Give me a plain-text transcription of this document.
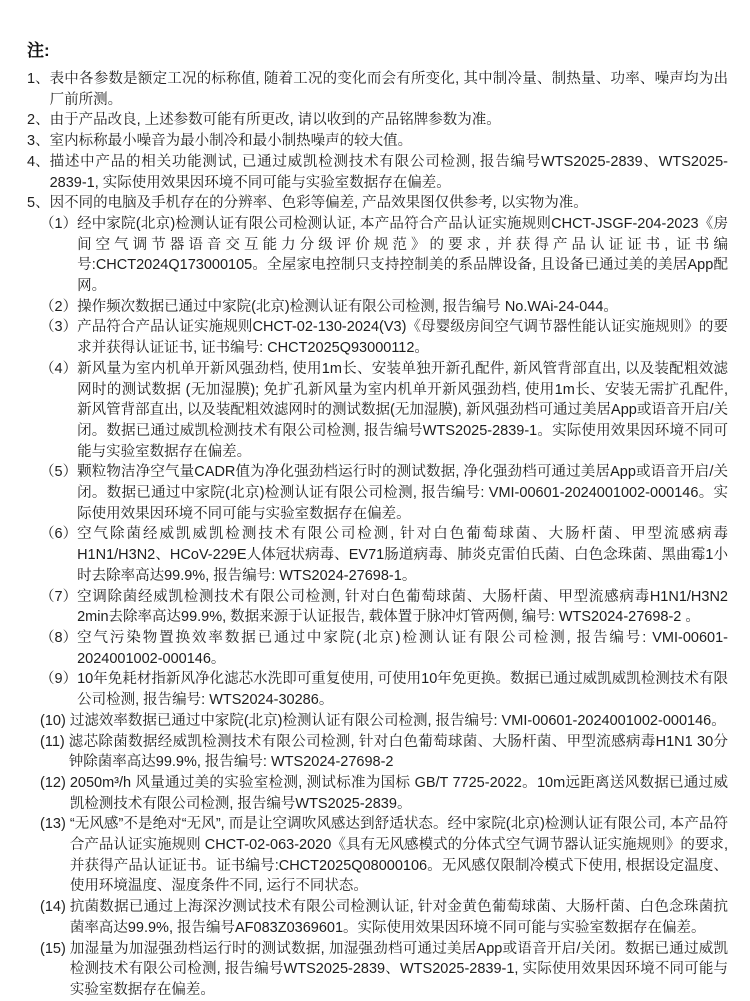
注:
1、 表中各参数是额定工况的标称值, 随着工况的变化而会有所变化, 其中制冷量、制热量、功率、噪声均为出厂前所测。
2、 由于产品改良, 上述参数可能有所更改, 请以收到的产品铭牌参数为准。
3、 室内标称最小噪音为最小制冷和最小制热噪声的较大值。
4、 描述中产品的相关功能测试, 已通过威凯检测技术有限公司检测, 报告编号WTS2025-2839、WTS2025-2839-1, 实际使用效果因环境不同可能与实验室数据存在偏差。
5、 因不同的电脑及手机存在的分辨率、色彩等偏差, 产品效果图仅供参考, 以实物为准。
（1） 经中家院(北京)检测认证有限公司检测认证, 本产品符合产品认证实施规则CHCT-JSGF-204-2023《房间空气调节器语音交互能力分级评价规范》的要求, 并获得产品认证证书, 证书编号:CHCT2024Q173000105。全屋家电控制只支持控制美的系品牌设备, 且设备已通过美的美居App配网。
（2） 操作频次数据已通过中家院(北京)检测认证有限公司检测, 报告编号 No.WAi-24-044。
（3） 产品符合产品认证实施规则CHCT-02-130-2024(V3)《母婴级房间空气调节器性能认证实施规则》的要求并获得认证证书, 证书编号: CHCT2025Q93000112。
（4） 新风量为室内机单开新风强劲档, 使用1m长、安装单独开新孔配件, 新风管背部直出, 以及装配粗效滤网时的测试数据 (无加湿膜); 免扩孔新风量为室内机单开新风强劲档, 使用1m长、安装无需扩孔配件, 新风管背部直出, 以及装配粗效滤网时的测试数据(无加湿膜), 新风强劲档可通过美居App或语音开启/关闭。数据已通过威凯检测技术有限公司检测, 报告编号WTS2025-2839-1。实际使用效果因环境不同可能与实验室数据存在偏差。
（5） 颗粒物洁净空气量CADR值为净化强劲档运行时的测试数据, 净化强劲档可通过美居App或语音开启/关闭。数据已通过中家院(北京)检测认证有限公司检测, 报告编号: VMI-00601-2024001002-000146。实际使用效果因环境不同可能与实验室数据存在偏差。
（6） 空气除菌经威凯威凯检测技术有限公司检测, 针对白色葡萄球菌、大肠杆菌、甲型流感病毒H1N1/H3N2、HCoV-229E人体冠状病毒、EV71肠道病毒、肺炎克雷伯氏菌、白色念珠菌、黑曲霉1小时去除率高达99.9%, 报告编号: WTS2024-27698-1。
（7） 空调除菌经威凯检测技术有限公司检测, 针对白色葡萄球菌、大肠杆菌、甲型流感病毒H1N1/H3N2 2min去除率高达99.9%, 数据来源于认证报告, 载体置于脉冲灯管两侧, 编号: WTS2024-27698-2 。
（8） 空气污染物置换效率数据已通过中家院(北京)检测认证有限公司检测, 报告编号: VMI-00601-2024001002-000146。
（9） 10年免耗材指新风净化滤芯水洗即可重复使用, 可使用10年免更换。数据已通过威凯威凯检测技术有限公司检测, 报告编号: WTS2024-30286。
(10) 过滤效率数据已通过中家院(北京)检测认证有限公司检测, 报告编号: VMI-00601-2024001002-000146。
(11) 滤芯除菌数据经威凯检测技术有限公司检测, 针对白色葡萄球菌、大肠杆菌、甲型流感病毒H1N1 30分钟除菌率高达99.9%, 报告编号: WTS2024-27698-2
(12) 2050m³/h 风量通过美的实验室检测, 测试标准为国标 GB/T 7725-2022。10m远距离送风数据已通过威凯检测技术有限公司检测, 报告编号WTS2025-2839。
(13) “无风感”不是绝对“无风”, 而是让空调吹风感达到舒适状态。经中家院(北京)检测认证有限公司, 本产品符合产品认证实施规则 CHCT-02-063-2020《具有无风感模式的分体式空气调节器认证实施规则》的要求,并获得产品认证证书。证书编号:CHCT2025Q08000106。无风感仅限制冷模式下使用, 根据设定温度、使用环境温度、湿度条件不同, 运行不同状态。
(14) 抗菌数据已通过上海深汐测试技术有限公司检测认证, 针对金黄色葡萄球菌、大肠杆菌、白色念珠菌抗菌率高达99.9%, 报告编号AF083Z0369601。实际使用效果因环境不同可能与实验室数据存在偏差。
(15) 加湿量为加湿强劲档运行时的测试数据, 加湿强劲档可通过美居App或语音开启/关闭。数据已通过威凯检测技术有限公司检测, 报告编号WTS2025-2839、WTS2025-2839-1, 实际使用效果因环境不同可能与实验室数据存在偏差。
